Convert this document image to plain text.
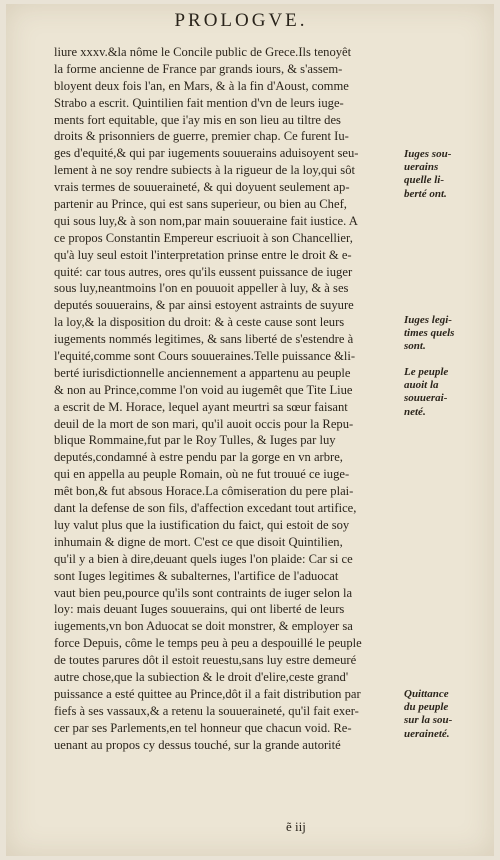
PROLOGVE.
liure xxxv.&la nôme le Concile public de Grece.Ils tenoyêt
la forme ancienne de France par grands iours, & s'assem-
bloyent deux fois l'an, en Mars, & à la fin d'Aoust, comme
Strabo a escrit. Quintilien fait mention d'vn de leurs iuge-
ments fort equitable, que i'ay mis en son lieu au tiltre des
droits & prisonniers de guerre, premier chap. Ce furent Iu-
ges d'equité,& qui par iugements souuerains aduisoyent seu-
lement à ne soy rendre subiects à la rigueur de la loy,qui sôt
vrais termes de souueraineté, & qui doyuent seulement ap-
partenir au Prince, qui est sans superieur, ou bien au Chef,
qui sous luy,& à son nom,par main souueraine fait iustice. A
ce propos Constantin Empereur escriuoit à son Chancellier,
qu'à luy seul estoit l'interpretation prinse entre le droit & e-
quité: car tous autres, ores qu'ils eussent puissance de iuger
sous luy,neantmoins l'on en pouuoit appeller à luy, & à ses
deputés souuerains, & par ainsi estoyent astraints de suyure
la loy,& la disposition du droit: & à ceste cause sont leurs
iugements nommés legitimes, & sans liberté de s'estendre à
l'equité,comme sont Cours souueraines.Telle puissance &li-
berté iurisdictionnelle anciennement a appartenu au peuple
& non au Prince,comme l'on void au iugemêt que Tite Liue
a escrit de M. Horace, lequel ayant meurtri sa sœur faisant
deuil de la mort de son mari, qu'il auoit occis pour la Repu-
blique Rommaine,fut par le Roy Tulles, & Iuges par luy
deputés,condamné à estre pendu par la gorge en vn arbre,
qui en appella au peuple Romain, où ne fut trouué ce iuge-
mêt bon,& fut absous Horace.La cômiseration du pere plai-
dant la defense de son fils, d'affection excedant tout artifice,
luy valut plus que la iustification du faict, qui estoit de soy
inhumain & digne de mort. C'est ce que disoit Quintilien,
qu'il y a bien à dire,deuant quels iuges l'on plaide: Car si ce
sont Iuges legitimes & subalternes, l'artifice de l'aduocat
vaut bien peu,pource qu'ils sont contraints de iuger selon la
loy: mais deuant Iuges souuerains, qui ont liberté de leurs
iugements,vn bon Aduocat se doit monstrer, & employer sa
force Depuis, côme le temps peu à peu a despouillé le peuple
de toutes parures dôt il estoit reuestu,sans luy estre demeuré
autre chose,que la subiection & le droit d'elire,ceste grand'
puissance a esté quittee au Prince,dôt il a fait distribution par
fiefs à ses vassaux,& a retenu la souueraineté, qu'il fait exer-
cer par ses Parlements,en tel honneur que chacun void. Re-
uenant au propos cy dessus touché, sur la grande autorité
Iuges sou-
uerains
quelle li-
berté ont.
Iuges legi-
times quels
sont.
Le peuple
auoit la
souuerai-
neté.
Quittance
du peuple
sur la sou-
ueraineté.
ẽ iij
